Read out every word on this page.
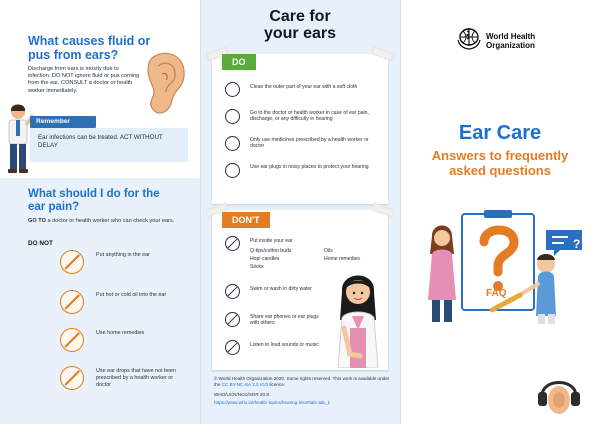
What causes fluid or pus from ears?
Discharge from ears is mostly due to infection. DO NOT ignore fluid or pus coming from the ear. CONSULT a doctor or health worker immediately.
Remember
Ear infections can be treated. ACT WITHOUT DELAY
What should I do for the ear pain?
GO TO a doctor or health worker who can check your ears.
DO NOT
Put anything in the ear
Put hot or cold oil into the ear
Use home remedies
Use ear drops that have not been prescribed by a health worker or doctor
Care for
your ears
DO
Clean the outer part of your ear with a soft cloth
Go to the doctor or health worker in case of ear pain, discharge, or any difficulty in hearing
Only use medicines prescribed by a health worker or doctor
Use ear plugs in noisy places to protect your hearing
DON'T
Put inside your ear
Q-tips/cotton buds	Oils
Hopi candles	Home remedies
Sticks
Swim or wash in dirty water
Share ear phones or ear plugs with others
Listen to loud sounds or music
© World Health Organization 2020. Some rights reserved. This work is available under the CC BY-NC-SA 3.0 IGO licence.
WHO/UCN/NCD/SDR 20.8
https://www.who.int/health-topics/hearing-loss#tab=tab_1
World Health
Organization
Ear Care
Answers to frequently
asked questions
?
FAQ
